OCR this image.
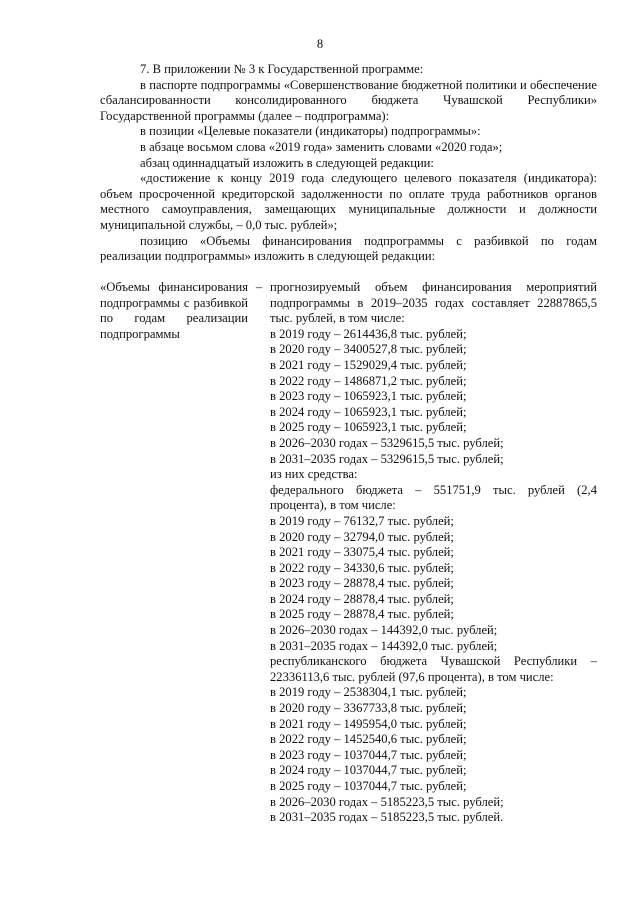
8
7. В приложении № 3 к Государственной программе:
в паспорте подпрограммы «Совершенствование бюджетной политики и обеспечение сбалансированности консолидированного бюджета Чувашской Республики» Государственной программы (далее – подпрограмма):
в позиции «Целевые показатели (индикаторы) подпрограммы»:
в абзаце восьмом слова «2019 года» заменить словами «2020 года»;
абзац одиннадцатый изложить в следующей редакции:
«достижение к концу 2019 года следующего целевого показателя (индикатора): объем просроченной кредиторской задолженности по оплате труда работников органов местного самоуправления, замещающих муниципальные должности и должности муниципальной службы, – 0,0 тыс. рублей»;
позицию «Объемы финансирования подпрограммы с разбивкой по годам реализации подпрограммы» изложить в следующей редакции:
«Объемы финансирования подпрограммы с разбивкой по годам реализации подпрограммы
– прогнозируемый объем финансирования мероприятий подпрограммы в 2019–2035 годах составляет 22887865,5 тыс. рублей, в том числе:
в 2019 году – 2614436,8 тыс. рублей;
в 2020 году – 3400527,8 тыс. рублей;
в 2021 году – 1529029,4 тыс. рублей;
в 2022 году – 1486871,2 тыс. рублей;
в 2023 году – 1065923,1 тыс. рублей;
в 2024 году – 1065923,1 тыс. рублей;
в 2025 году – 1065923,1 тыс. рублей;
в 2026–2030 годах – 5329615,5 тыс. рублей;
в 2031–2035 годах – 5329615,5 тыс. рублей;
из них средства:
федерального бюджета – 551751,9 тыс. рублей (2,4 процента), в том числе:
в 2019 году – 76132,7 тыс. рублей;
в 2020 году – 32794,0 тыс. рублей;
в 2021 году – 33075,4 тыс. рублей;
в 2022 году – 34330,6 тыс. рублей;
в 2023 году – 28878,4 тыс. рублей;
в 2024 году – 28878,4 тыс. рублей;
в 2025 году – 28878,4 тыс. рублей;
в 2026–2030 годах – 144392,0 тыс. рублей;
в 2031–2035 годах – 144392,0 тыс. рублей;
республиканского бюджета Чувашской Республики – 22336113,6 тыс. рублей (97,6 процента), в том числе:
в 2019 году – 2538304,1 тыс. рублей;
в 2020 году – 3367733,8 тыс. рублей;
в 2021 году – 1495954,0 тыс. рублей;
в 2022 году – 1452540,6 тыс. рублей;
в 2023 году – 1037044,7 тыс. рублей;
в 2024 году – 1037044,7 тыс. рублей;
в 2025 году – 1037044,7 тыс. рублей;
в 2026–2030 годах – 5185223,5 тыс. рублей;
в 2031–2035 годах – 5185223,5 тыс. рублей.
